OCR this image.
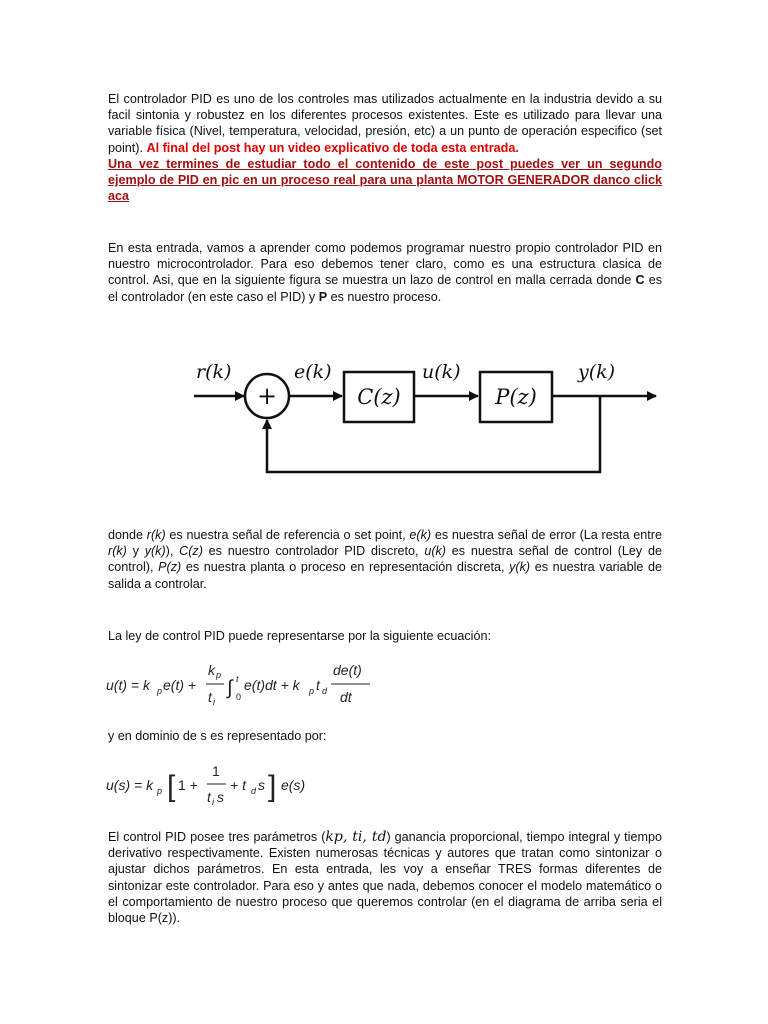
El controlador PID es uno de los controles mas utilizados actualmente en la industria devido a su facil sintonia y robustez en los diferentes procesos existentes. Este es utilizado para llevar una variable física (Nivel, temperatura, velocidad, presión, etc) a un punto de operación especifico (set point). Al final del post hay un video explicativo de toda esta entrada.
Una vez termines de estudiar todo el contenido de este post puedes ver un segundo ejemplo de PID en pic en un proceso real para una planta MOTOR GENERADOR danco click aca

En esta entrada, vamos a aprender como podemos programar nuestro propio controlador PID en nuestro microcontrolador. Para eso debemos tener claro, como es una estructura clasica de control. Asi, que en la siguiente figura se muestra un lazo de control en malla cerrada donde C es el controlador (en este caso el PID) y P es nuestro proceso.

r(k)
+
e(k)
C(z)
u(k)
P(z)
y(k)

donde r(k) es nuestra señal de referencia o set point, e(k) es nuestra señal de error (La resta entre r(k) y y(k)), C(z) es nuestro controlador PID discreto, u(k) es nuestra señal de control (Ley de control), P(z) es nuestra planta o proceso en representación discreta, y(k) es nuestra variable de salida a controlar.

La ley de control PID puede representarse por la siguiente ecuación:

u(t) = k p e(t) +
k p
t i
∫ t
0
e(t)dt + k p t d
de(t)
dt

y en dominio de s es representado por:

u(s) = k p [ 1 +
1
t i s
+ t d s ] e(s)

El control PID posee tres parámetros (kp, ti, td) ganancia proporcional, tiempo integral y tiempo derivativo respectivamente. Existen numerosas técnicas y autores que tratan como sintonizar o ajustar dichos parámetros. En esta entrada, les voy a enseñar TRES formas diferentes de sintonizar este controlador. Para eso y antes que nada, debemos conocer el modelo matemático o el comportamiento de nuestro proceso que queremos controlar (en el diagrama de arriba seria el bloque P(z)).
